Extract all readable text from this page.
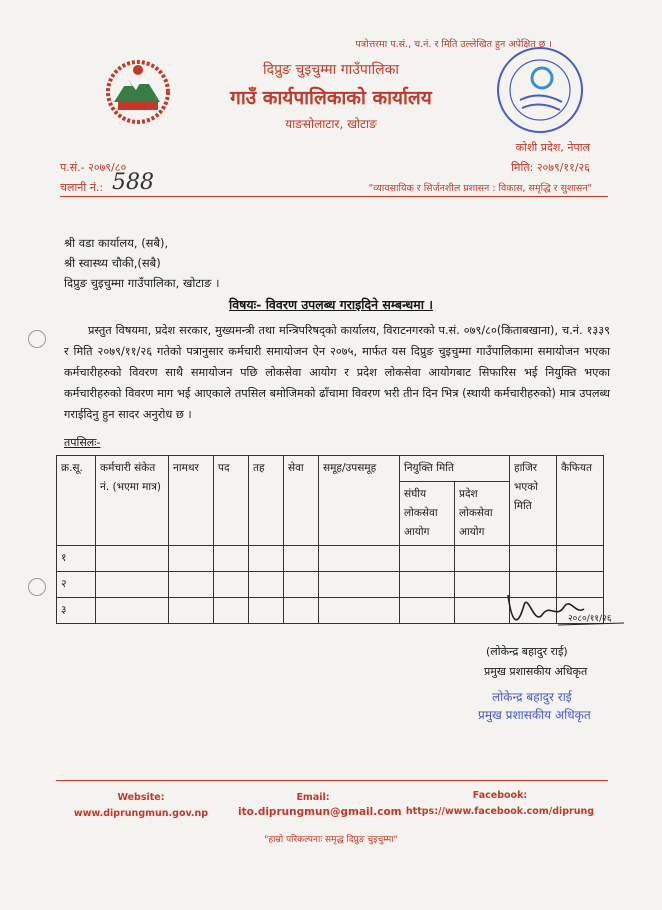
पत्रोत्तरमा प.सं., च.नं. र मिति उल्लेखित हुन अपेक्षित छ ।
दिप्रुङ चुइचुम्मा गाउँपालिका
गाउँ कार्यपालिकाको कार्यालय
याङसोलाटार, खोटाङ
कोशी प्रदेश, नेपाल
प.सं.- २०७९/८०	मिति: २०७९/११/२६
चलानी नं.: 588	"व्यावसायिक र सिर्जनशील प्रशासन : विकास, समृद्धि र सुशासन"
श्री वडा कार्यालय, (सबै),
श्री स्वास्थ्य चौकी,(सबै)
दिप्रुङ चुइचुम्मा गाउँपालिका, खोटाङ ।
विषयः- विवरण उपलब्ध गराइदिने सम्बन्धमा ।
प्रस्तुत विषयमा, प्रदेश सरकार, मुख्यमन्त्री तथा मन्त्रिपरिषद्को कार्यालय, विराटनगरको प.सं. ०७९/८०(किताबखाना), च.नं. १३३९ र मिति २०७९/११/२६ गतेको पत्रानुसार कर्मचारी समायोजन ऐन २०७५, मार्फत यस दिप्रुङ चुइचुम्मा गाउँपालिकामा समायोजन भएका कर्मचारीहरुको विवरण साथै समायोजन पछि लोकसेवा आयोग र प्रदेश लोकसेवा आयोगबाट सिफारिस भई नियुक्ति भएका कर्मचारीहरुको विवरण माग भई आएकाले तपसिल बमोजिमको ढाँचामा विवरण भरी तीन दिन भित्र (स्थायी कर्मचारीहरुको) मात्र उपलब्ध गराईदिनु हुन सादर अनुरोध छ ।
तपसिलः-
क्र.सू.	कर्मचारी संकेत नं. (भएमा मात्र)	नामथर	पद	तह	सेवा	समूह/उपसमूह	नियुक्ति मिति		हाजिर भएको मिति	कैफियत
							संघीय लोकसेवा आयोग	प्रदेश लोकसेवा आयोग		
१										
२										
३										
२०८०/११/२६
(लोकेन्द्र बहादुर राई)
प्रमुख प्रशासकीय अधिकृत
लोकेन्द्र बहादुर राई
प्रमुख प्रशासकीय अधिकृत
Website:
www.diprungmun.gov.np
Email:
ito.diprungmun@gmail.com
Facebook:
https://www.facebook.com/diprung
"हाम्रो परिकल्पनाः समृद्ध दिप्रुङ चुइचुम्मा"
